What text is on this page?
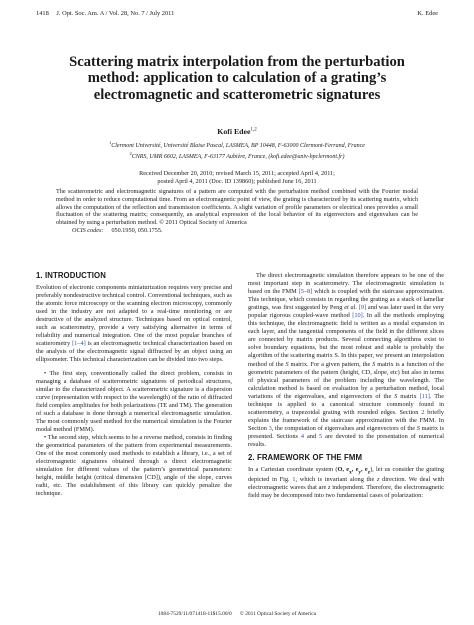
1418 J. Opt. Soc. Am. A / Vol. 28, No. 7 / July 2011	K. Edee
Scattering matrix interpolation from the perturbation
method: application to calculation of a grating’s
electromagnetic and scatterometric signatures
Kofi Edee$^{1,2}$
$^1$Clermont Université, Université Blaise Pascal, LASMEA, BP 10448, F-63000 Clermont-Ferrand, France
$^2$CNRS, UMR 6602, LASMEA, F-63177 Aubière, France, (kofi.edee@univ-bpclermont.fr)
Received December 20, 2010; revised March 15, 2011; accepted April 4, 2011;
posted April 4, 2011 (Doc. ID 139860); published June 16, 2011
The scatterometric and electromagnetic signatures of a pattern are computed with the perturbation method combined with the Fourier modal method in order to reduce computational time. From an electromagnetic point of view, the grating is characterized by its scattering matrix, which allows the computation of the reflection and transmission coefficients. A slight variation of profile parameters or electrical ones provides a small fluctuation of the scattering matrix; consequently, an analytical expression of the local behavior of its eigenvectors and eigenvalues can be obtained by using a perturbation method. © 2011 Optical Society of America
OCIS codes: 050.1950, 050.1755.
1. INTRODUCTION

Evolution of electronic components miniaturization requires very precise and preferably nondestructive technical control. Conventional techniques, such as the atomic force microscopy or the scanning electron microscopy, commonly used in the industry are not adapted to a real-time monitoring or are destructive of the analyzed structure. Techniques based on optical control, such as scatterometry, provide a very satisfying alternative in terms of reliability and numerical integration. One of the most popular branches of scatterometry [1–4] is an electromagnetic technical characterization based on the analysis of the electromagnetic signal diffracted by an object using an ellipsometer. This technical characterization can be divided into two steps.

• The first step, conventionally called the direct problem, consists in managing a database of scatterometric signatures of periodical structures, similar to the characterized object. A scatterometric signature is a dispersion curve (representation with respect to the wavelength) of the ratio of diffracted field complex amplitudes for both polarizations (TE and TM). The generation of such a database is done through a numerical electromagnetic simulation. The most commonly used method for the numerical simulation is the Fourier modal method (FMM).

• The second step, which seems to be a reverse method, consists in finding the geometrical parameters of the pattern from experimental measurements. One of the most commonly used methods to establish a library, i.e., a set of electromagnetic signatures obtained through a direct electromagnetic simulation for different values of the pattern’s geometrical parameters: height, middle height (critical dimension [CD]), angle of the slope, curves radii, etc. The establishment of this library can quickly penalize the technique.

The direct electromagnetic simulation therefore appears to be one of the most important step in scatterometry. The electromagnetic simulation is based on the FMM [5–8] which is coupled with the staircase approximation. This technique, which consists in regarding the grating as a stack of lamellar gratings, was first suggested by Peng et al. [9] and was later used in the very popular rigorous coupled-wave method [10]. In all the methods employing this technique, the electromagnetic field is written as a modal expansion in each layer, and the tangential components of the field in the different slices are connected by matrix products. Several connecting algorithms exist to solve boundary equations, but the most robust and stable is probably the algorithm of the scattering matrix S. In this paper, we present an interpolation method of the S matrix. For a given pattern, the S matrix is a function of the geometric parameters of the pattern (height, CD, slope, etc) but also in terms of physical parameters of the problem including the wavelength. The calculation method is based on evaluation by a perturbation method, local variations of the eigenvalues, and eigenvectors of the S matrix [11]. The technique is applied to a canonical structure commonly found in scatterometry, a trapezoidal grating with rounded edges. Section 2 briefly explains the framework of the staircase approximation with the FMM. In Section 3, the computation of eigenvalues and eigenvectors of the S matrix is presented. Sections 4 and 5 are devoted to the presentation of numerical results.

2. FRAMEWORK OF THE FMM

In a Cartesian coordinate system (O, $e_x$, $e_y$, $e_z$), let us consider the grating depicted in Fig. 1, which is invariant along the z direction. We deal with electromagnetic waves that are z independent. Therefore, the electromagnetic field may be decomposed into two fundamental cases of polarization:

1084-7529/11/071418-11$15.00/0 © 2011 Optical Society of America
